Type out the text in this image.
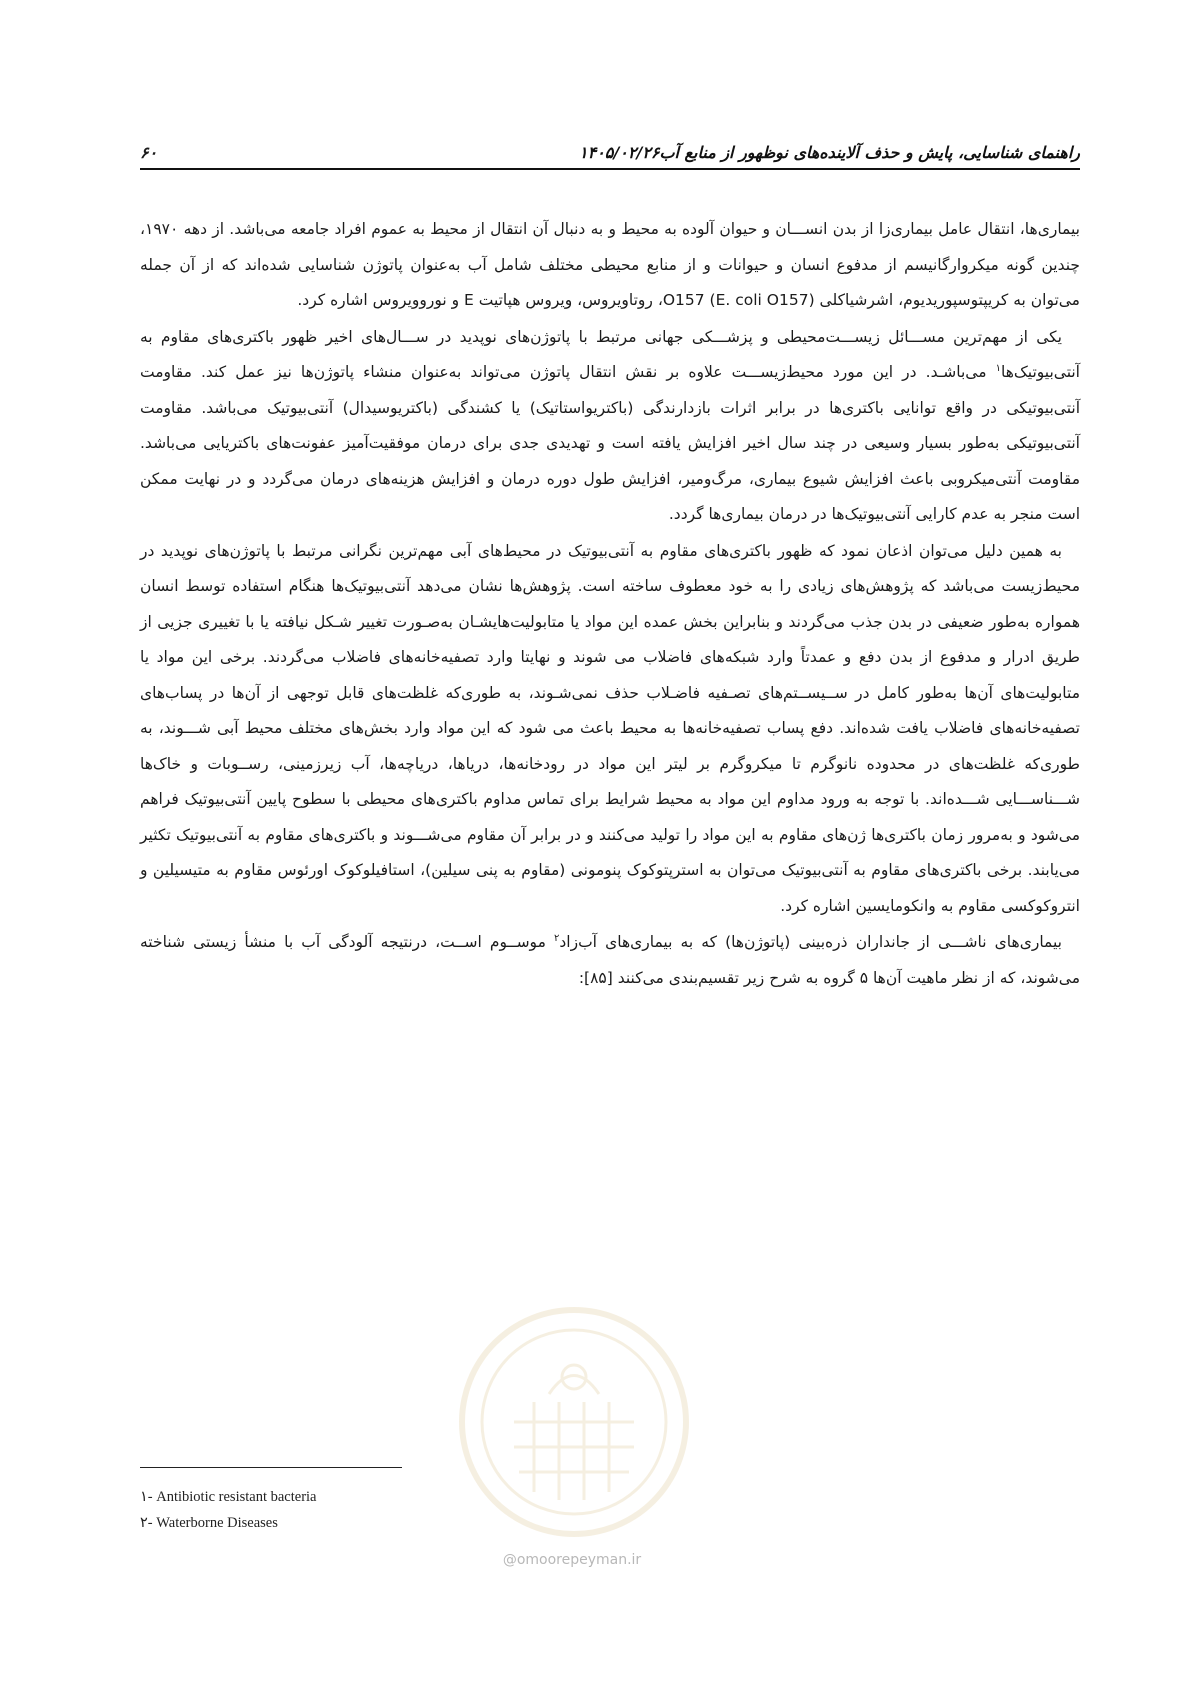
راهنمای شناسایی، پایش و حذف آلاینده‌های نوظهور از منابع آب
۱۴۰۵/۰۲/۲۶
۶۰

بیماری‌ها، انتقال عامل بیماری‌زا از بدن انســـان و حیوان آلوده به محیط و به دنبال آن انتقال از محیط به عموم افراد جامعه می‌باشد. از دهه ۱۹۷۰، چندین گونه میکروارگانیسم از مدفوع انسان و حیوانات و از منابع محیطی مختلف شامل آب به‌عنوان پاتوژن شناسایی شده‌اند که از آن جمله می‌توان به کریپتوسپوریدیوم، اشرشیاکلی O157 (E. coli O157)، روتاویروس، ویروس هپاتیت E و نوروویروس اشاره کرد.

یکی از مهم‌ترین مســـائل زیســـت‌محیطی و پزشـــکی جهانی مرتبط با پاتوژن‌های نوپدید در ســـال‌های اخیر ظهور باکتری‌های مقاوم به آنتی‌بیوتیک‌ها$^۱$ می‌باشـد. در این مورد محیط‌زیســـت علاوه بر نقش انتقال پاتوژن می‌تواند به‌عنوان منشاء پاتوژن‌ها نیز عمل کند. مقاومت آنتی‌بیوتیکی در واقع توانایی باکتری‌ها در برابر اثرات بازدارندگی (باکتریواستاتیک) یا کشندگی (باکتریوسیدال) آنتی‌بیوتیک می‌باشد. مقاومت آنتی‌بیوتیکی به‌طور بسیار وسیعی در چند سال اخیر افزایش یافته است و تهدیدی جدی برای درمان موفقیت‌آمیز عفونت‌های باکتریایی می‌باشد. مقاومت آنتی‌میکروبی باعث افزایش شیوع بیماری، مرگ‌ومیر، افزایش طول دوره درمان و افزایش هزینه‌های درمان می‌گردد و در نهایت ممکن است منجر به عدم کارایی آنتی‌بیوتیک‌ها در درمان بیماری‌ها گردد.

به همین دلیل می‌توان اذعان نمود که ظهور باکتری‌های مقاوم به آنتی‌بیوتیک در محیط‌های آبی مهم‌ترین نگرانی مرتبط با پاتوژن‌های نوپدید در محیط‌زیست می‌باشد که پژوهش‌های زیادی را به خود معطوف ساخته است. پژوهش‌ها نشان می‌دهد آنتی‌بیوتیک‌ها هنگام استفاده توسط انسان همواره به‌طور ضعیفی در بدن جذب می‌گردند و بنابراین بخش عمده این مواد یا متابولیت‌هایشـان به‌صـورت تغییر شـکل نیافته یا با تغییری جزیی از طریق ادرار و مدفوع از بدن دفع و عمدتاً وارد شبکه‌های فاضلاب می شوند و نهایتا وارد تصفیه‌خانه‌های فاضلاب می‌گردند. برخی این مواد یا متابولیت‌های آن‌ها به‌طور کامل در ســیســتم‌های تصـفیه فاضـلاب حذف نمی‌شـوند، به طوری‌که غلظت‌های قابل توجهی از آن‌ها در پساب‌های تصفیه‌خانه‌های فاضلاب یافت شده‌اند. دفع پساب تصفیه‌خانه‌ها به محیط باعث می شود که این مواد وارد بخش‌های مختلف محیط آبی شـــوند، به طوری‌که غلظت‌های در محدوده نانوگرم تا میکروگرم بر لیتر این مواد در رودخانه‌ها، دریاها، دریاچه‌ها، آب زیرزمینی، رســوبات و خاک‌ها شـــناســـایی شـــده‌اند. با توجه به ورود مداوم این مواد به محیط شرایط برای تماس مداوم باکتری‌های محیطی با سطوح پایین آنتی‌بیوتیک فراهم می‌شود و به‌مرور زمان باکتری‌ها ژن‌های مقاوم به این مواد را تولید می‌کنند و در برابر آن مقاوم می‌شـــوند و باکتری‌های مقاوم به آنتی‌بیوتیک تکثیر می‌یابند. برخی باکتری‌های مقاوم به آنتی‌بیوتیک می‌توان به استرپتوکوک پنومونی (مقاوم به پنی سیلین)، استافیلوکوک اورئوس مقاوم به متیسیلین و انتروکوکسی مقاوم به وانکومایسین اشاره کرد.

بیماری‌های ناشـــی از جانداران ذره‌بینی (پاتوژن‌ها) که به بیماری‌های آب‌زاد$^۲$ موســوم اســت، درنتیجه آلودگی آب با منشأ زیستی شناخته می‌شوند، که از نظر ماهیت آن‌ها ۵ گروه به شرح زیر تقسیم‌بندی می‌کنند [۸۵]:

@omoorepeyman.ir
۱- Antibiotic resistant bacteria
۲- Waterborne Diseases
